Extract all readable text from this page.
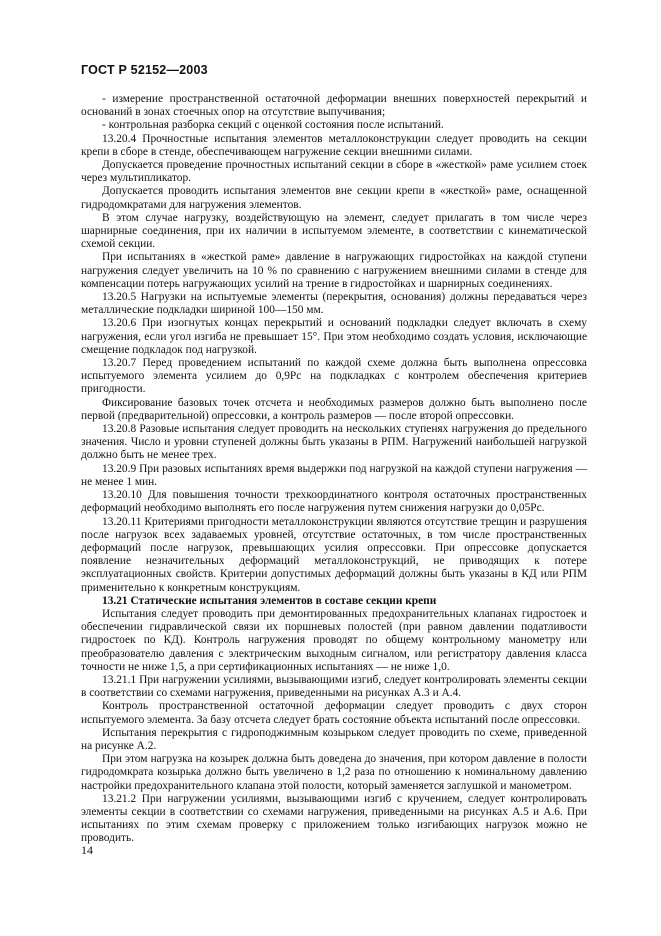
ГОСТ Р 52152—2003

- измерение пространственной остаточной деформации внешних поверхностей перекрытий и оснований в зонах стоечных опор на отсутствие выпучивания;

- контрольная разборка секций с оценкой состояния после испытаний.

13.20.4 Прочностные испытания элементов металлоконструкции следует проводить на секции крепи в сборе в стенде, обеспечивающем нагружение секции внешними силами.

Допускается проведение прочностных испытаний секции в сборе в «жесткой» раме усилием стоек через мультипликатор.

Допускается проводить испытания элементов вне секции крепи в «жесткой» раме, оснащенной гидродомкратами для нагружения элементов.

В этом случае нагрузку, воздействующую на элемент, следует прилагать в том числе через шарнирные соединения, при их наличии в испытуемом элементе, в соответствии с кинематической схемой секции.

При испытаниях в «жесткой раме» давление в нагружающих гидростойках на каждой ступени нагружения следует увеличить на 10 % по сравнению с нагружением внешними силами в стенде для компенсации потерь нагружающих усилий на трение в гидростойках и шарнирных соединениях.

13.20.5 Нагрузки на испытуемые элементы (перекрытия, основания) должны передаваться через металлические подкладки шириной 100—150 мм.

13.20.6 При изогнутых концах перекрытий и оснований подкладки следует включать в схему нагружения, если угол изгиба не превышает 15°. При этом необходимо создать условия, исключающие смещение подкладок под нагрузкой.

13.20.7 Перед проведением испытаний по каждой схеме должна быть выполнена опрессовка испытуемого элемента усилием до 0,9Pc на подкладках с контролем обеспечения критериев пригодности.

Фиксирование базовых точек отсчета и необходимых размеров должно быть выполнено после первой (предварительной) опрессовки, а контроль размеров — после второй опрессовки.

13.20.8 Разовые испытания следует проводить на нескольких ступенях нагружения до предельного значения. Число и уровни ступеней должны быть указаны в РПМ. Нагружений наибольшей нагрузкой должно быть не менее трех.

13.20.9 При разовых испытаниях время выдержки под нагрузкой на каждой ступени нагружения — не менее 1 мин.

13.20.10 Для повышения точности трехкоординатного контроля остаточных пространственных деформаций необходимо выполнять его после нагружения путем снижения нагрузки до 0,05Pc.

13.20.11 Критериями пригодности металлоконструкции являются отсутствие трещин и разрушения после нагрузок всех задаваемых уровней, отсутствие остаточных, в том числе пространственных деформаций после нагрузок, превышающих усилия опрессовки. При опрессовке допускается появление незначительных деформаций металлоконструкций, не приводящих к потере эксплуатационных свойств. Критерии допустимых деформаций должны быть указаны в КД или РПМ применительно к конкретным конструкциям.

13.21 Статические испытания элементов в составе секции крепи

Испытания следует проводить при демонтированных предохранительных клапанах гидростоек и обеспечении гидравлической связи их поршневых полостей (при равном давлении податливости гидростоек по КД). Контроль нагружения проводят по общему контрольному манометру или преобразователю давления с электрическим выходным сигналом, или регистратору давления класса точности не ниже 1,5, а при сертификационных испытаниях — не ниже 1,0.

13.21.1 При нагружении усилиями, вызывающими изгиб, следует контролировать элементы секции в соответствии со схемами нагружения, приведенными на рисунках А.3 и А.4.

Контроль пространственной остаточной деформации следует проводить с двух сторон испытуемого элемента. За базу отсчета следует брать состояние объекта испытаний после опрессовки.

Испытания перекрытия с гидроподжимным козырьком следует проводить по схеме, приведенной на рисунке А.2.

При этом нагрузка на козырек должна быть доведена до значения, при котором давление в полости гидродомкрата козырька должно быть увеличено в 1,2 раза по отношению к номинальному давлению настройки предохранительного клапана этой полости, который заменяется заглушкой и манометром.

13.21.2 При нагружении усилиями, вызывающими изгиб с кручением, следует контролировать элементы секции в соответствии со схемами нагружения, приведенными на рисунках А.5 и А.6. При испытаниях по этим схемам проверку с приложением только изгибающих нагрузок можно не проводить.

14
